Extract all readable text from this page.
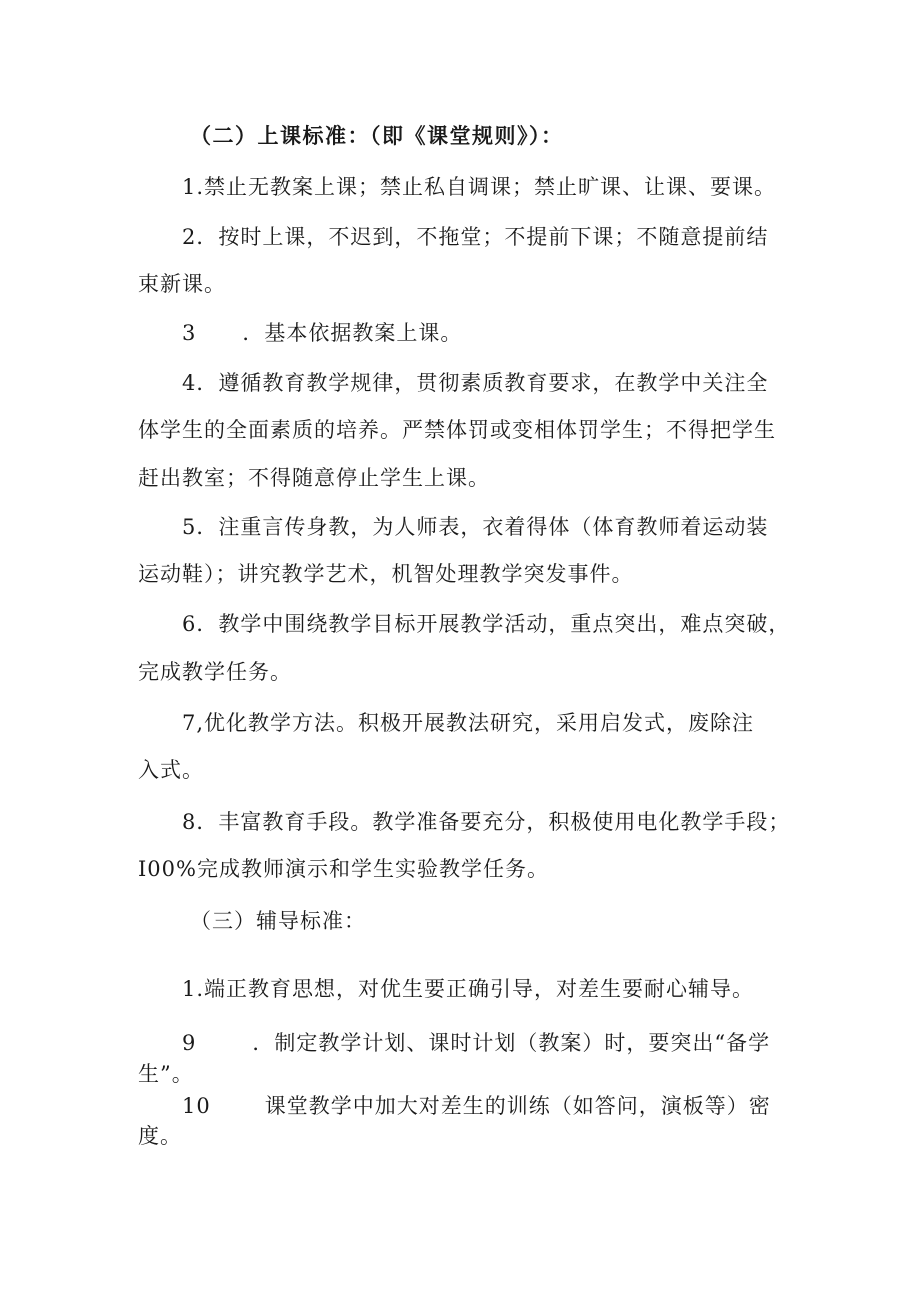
（二）上课标准：（即《课堂规则》）：
1.禁止无教案上课；禁止私自调课；禁止旷课、让课、要课。
2．按时上课，不迟到，不拖堂；不提前下课；不随意提前结
束新课。
3 ．基本依据教案上课。
4．遵循教育教学规律，贯彻素质教育要求，在教学中关注全
体学生的全面素质的培养。严禁体罚或变相体罚学生；不得把学生
赶出教室；不得随意停止学生上课。
5．注重言传身教，为人师表，衣着得体（体育教师着运动装
运动鞋）；讲究教学艺术，机智处理教学突发事件。
6．教学中围绕教学目标开展教学活动，重点突出，难点突破，
完成教学任务。
7,优化教学方法。积极开展教法研究，采用启发式，废除注
入式。
8．丰富教育手段。教学准备要充分，积极使用电化教学手段；
I00%完成教师演示和学生实验教学任务。
（三）辅导标准：
1.端正教育思想，对优生要正确引导，对差生要耐心辅导。
9	．制定教学计划、课时计划（教案）时，要突出“备学
生”。
10	课堂教学中加大对差生的训练（如答问，演板等）密
度。
